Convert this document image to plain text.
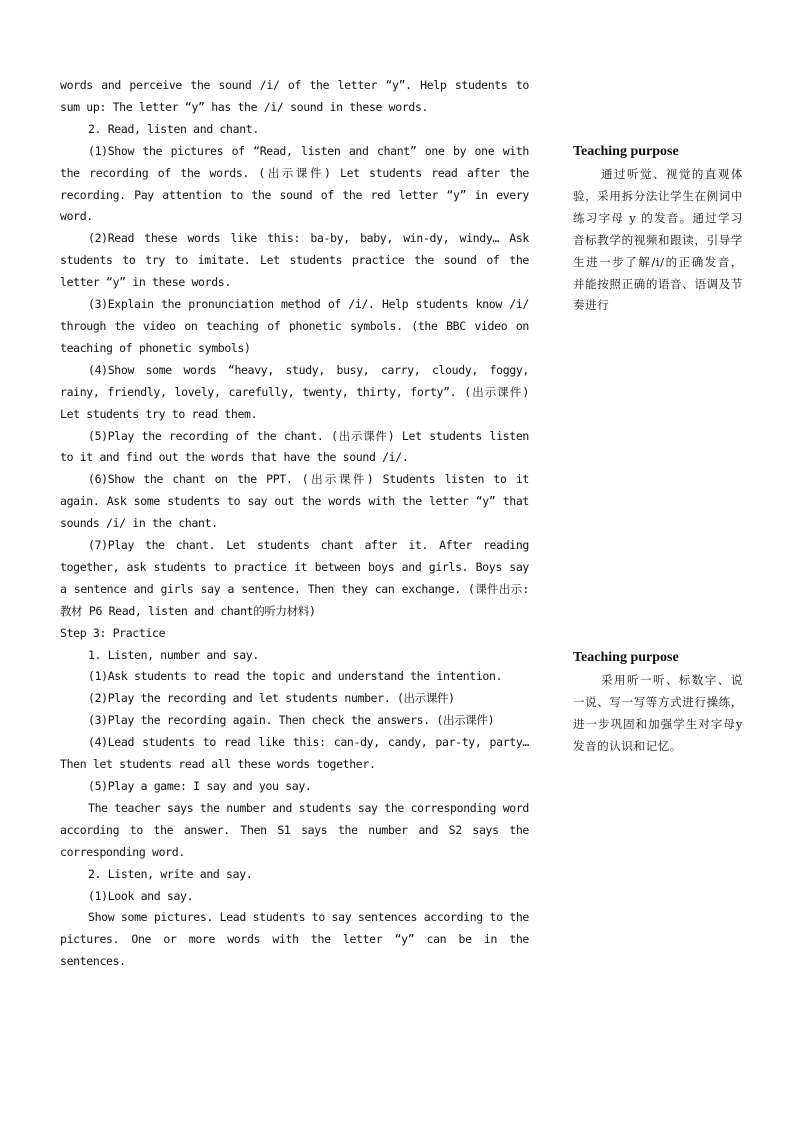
words and perceive the sound /i/ of the letter “y”. Help students to sum up: The letter “y” has the /i/ sound in these words.

2. Read, listen and chant.

(1)Show the pictures of “Read, listen and chant” one by one with the recording of the words. (出示课件) Let students read after the recording. Pay attention to the sound of the red letter “y” in every word.

(2)Read these words like this: ba-by, baby, win-dy, windy… Ask students to try to imitate. Let students practice the sound of the letter “y” in these words.

(3)Explain the pronunciation method of /i/. Help students know /i/ through the video on teaching of phonetic symbols. (the BBC video on teaching of phonetic symbols)

(4)Show some words “heavy, study, busy, carry, cloudy, foggy, rainy, friendly, lovely, carefully, twenty, thirty, forty”. (出示课件) Let students try to read them.

(5)Play the recording of the chant. (出示课件) Let students listen to it and find out the words that have the sound /i/.

(6)Show the chant on the PPT. (出示课件) Students listen to it again. Ask some students to say out the words with the letter “y” that sounds /i/ in the chant.

(7)Play the chant. Let students chant after it. After reading together, ask students to practice it between boys and girls. Boys say a sentence and girls say a sentence. Then they can exchange. (课件出示: 教材 P6 Read, listen and chant的听力材料)

Step 3: Practice

1. Listen, number and say.

(1)Ask students to read the topic and understand the intention.

(2)Play the recording and let students number. (出示课件)

(3)Play the recording again. Then check the answers. (出示课件)

(4)Lead students to read like this: can-dy, candy, par-ty, party… Then let students read all these words together.

(5)Play a game: I say and you say.

The teacher says the number and students say the corresponding word according to the answer. Then S1 says the number and S2 says the corresponding word.

2. Listen, write and say.

(1)Look and say.

Show some pictures. Lead students to say sentences according to the pictures. One or more words with the letter “y” can be in the sentences.

Teaching purpose

通过听觉、视觉的直观体验，采用拆分法让学生在例词中练习字母 y 的发音。通过学习音标教学的视频和跟读，引导学生进一步了解/i/的正确发音，并能按照正确的语音、语调及节奏进行

Teaching purpose

采用听一听、标数字、说一说、写一写等方式进行操练，进一步巩固和加强学生对字母y发音的认识和记忆。
